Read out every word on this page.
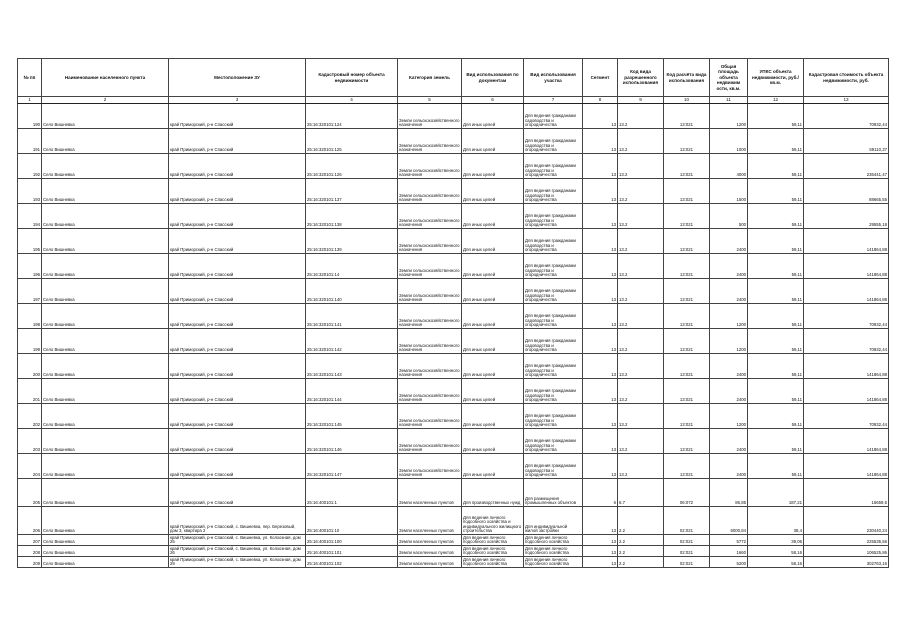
№ пп	Наименование населенного пункта	Местоположение ЗУ	Кадастровый номер объекта недвижимости	Категория земель	Вид использования по документам	Вид использования участка	Сегмент	Код вида разрешенного использования	Код расчёта вида использования	Общая площадь объекта недвижим ости, кв.м.	УПКС объекта недвижимости, руб./кв.м.	Кадастровая стоимость объекта недвижимости, руб.
1	2	3	4	5	6	7	8	9	10	11	12	13
190	Село Вишневка	край Приморский, р-н Спасский	25:16:320101:124	Земли сельскохозяйственного назначения	Для иных целей	Для ведения гражданами садоводства и огородничества	13	13.2	13:021	1200	59,11	70932,44
191	Село Вишневка	край Приморский, р-н Спасский	25:16:320101:125	Земли сельскохозяйственного назначения	Для иных целей	Для ведения гражданами садоводства и огородничества	13	13.2	13:021	1000	59,11	59110,37
192	Село Вишневка	край Приморский, р-н Спасский	25:16:320101:126	Земли сельскохозяйственного назначения	Для иных целей	Для ведения гражданами садоводства и огородничества	13	13.2	13:021	4000	59,11	236441,47
193	Село Вишневка	край Приморский, р-н Спасский	25:16:320101:137	Земли сельскохозяйственного назначения	Для иных целей	Для ведения гражданами садоводства и огородничества	13	13.2	13:021	1500	59,11	88665,55
194	Село Вишневка	край Приморский, р-н Спасский	25:16:320101:138	Земли сельскохозяйственного назначения	Для иных целей	Для ведения гражданами садоводства и огородничества	13	13.2	13:021	500	59,11	29555,18
195	Село Вишневка	край Приморский, р-н Спасский	25:16:320101:139	Земли сельскохозяйственного назначения	Для иных целей	Для ведения гражданами садоводства и огородничества	13	13.2	13:021	2400	59,11	141864,88
196	Село Вишневка	край Приморский, р-н Спасский	25:16:320101:14	Земли сельскохозяйственного назначения	Для иных целей	Для ведения гражданами садоводства и огородничества	13	13.2	13:021	2400	59,11	141864,88
197	Село Вишневка	край Приморский, р-н Спасский	25:16:320101:140	Земли сельскохозяйственного назначения	Для иных целей	Для ведения гражданами садоводства и огородничества	13	13.2	13:021	2400	59,11	141864,88
198	Село Вишневка	край Приморский, р-н Спасский	25:16:320101:141	Земли сельскохозяйственного назначения	Для иных целей	Для ведения гражданами садоводства и огородничества	13	13.2	13:021	1200	59,11	70932,44
199	Село Вишневка	край Приморский, р-н Спасский	25:16:320101:142	Земли сельскохозяйственного назначения	Для иных целей	Для ведения гражданами садоводства и огородничества	13	13.2	13:021	1200	59,11	70932,44
200	Село Вишневка	край Приморский, р-н Спасский	25:16:320101:143	Земли сельскохозяйственного назначения	Для иных целей	Для ведения гражданами садоводства и огородничества	13	13.2	13:021	2400	59,11	141864,88
201	Село Вишневка	край Приморский, р-н Спасский	25:16:320101:144	Земли сельскохозяйственного назначения	Для иных целей	Для ведения гражданами садоводства и огородничества	13	13.2	13:021	2400	59,11	141864,88
202	Село Вишневка	край Приморский, р-н Спасский	25:16:320101:145	Земли сельскохозяйственного назначения	Для иных целей	Для ведения гражданами садоводства и огородничества	13	13.2	13:021	1200	59,11	70932,44
203	Село Вишневка	край Приморский, р-н Спасский	25:16:320101:146	Земли сельскохозяйственного назначения	Для иных целей	Для ведения гражданами садоводства и огородничества	13	13.2	13:021	2400	59,11	141864,88
204	Село Вишневка	край Приморский, р-н Спасский	25:16:320101:147	Земли сельскохозяйственного назначения	Для иных целей	Для ведения гражданами садоводства и огородничества	13	13.2	13:021	2400	59,11	141864,88
205	Село Вишневка	край Приморский, р-н Спасский	25:16:400101:1	Земли населенных пунктов	Для производственных нужд	Для размещения промышленных объектов	6	6.7	06:072	86,85	187,21	16659,5
206	Село Вишневка	край Приморский, р-н Спасский, с. Вишневка, пер. Березовый, дом 3, квартира 2	25:16:400101:10	Земли населенных пунктов	Для ведения личного подсобного хозяйства и индивидуального жилищного строительства	Для индивидуальной жилой застройки	13	2.2	02:021	6000,84	38,4	230440,24
207	Село Вишневка	край Приморский, р-н Спасский, с. Вишневка, ул. Колхозная, дом 25	25:16:400101:100	Земли населенных пунктов	Для ведения личного подсобного хозяйства	Для ведения личного подсобного хозяйства	13	2.2	02:021	5772	39,06	225535,56
208	Село Вишневка	край Приморский, р-н Спасский, с. Вишневка, ул. Колхозная, дом 26	25:16:400101:101	Земли населенных пунктов	Для ведения личного подсобного хозяйства	Для ведения личного подсобного хозяйства	13	2.2	02:021	1660	58,16	106525,86
209	Село Вишневка	край Приморский, р-н Спасский, с. Вишневка, ул. Колхозная, дом 29	25:16:400101:102	Земли населенных пунктов	Для ведения личного подсобного хозяйства	Для ведения личного подсобного хозяйства	13	2.2	02:021	5200	58,16	302763,16
